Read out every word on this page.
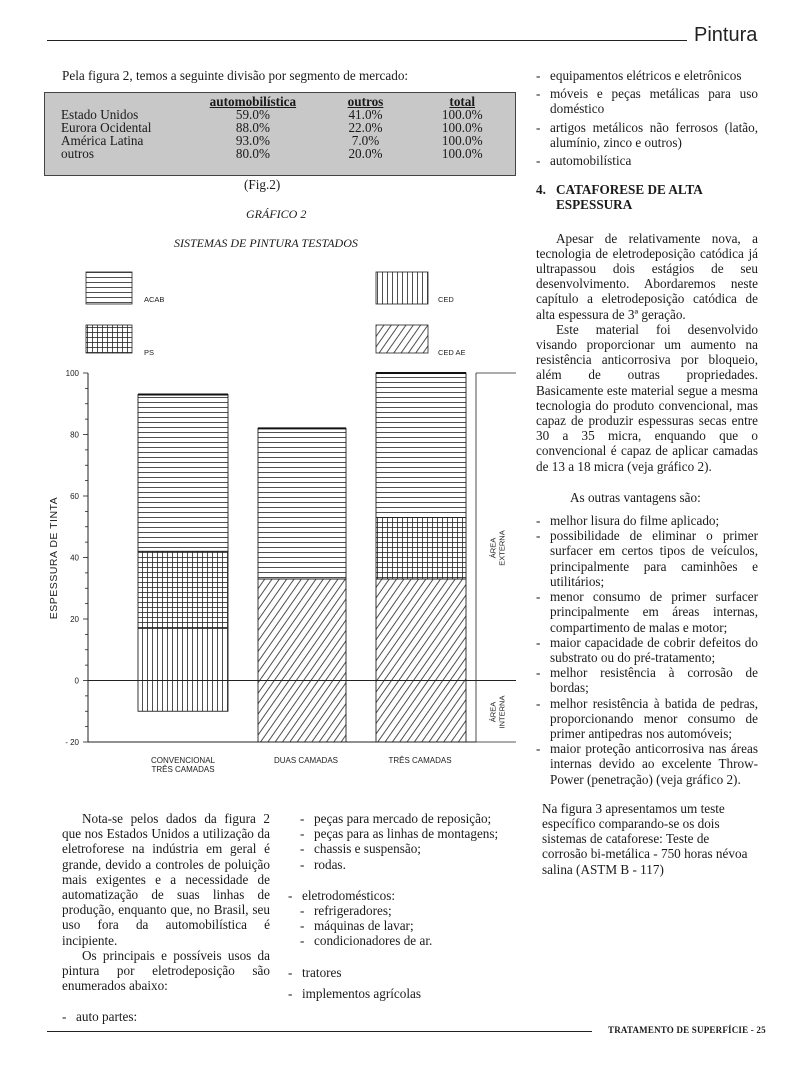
Pintura
Pela figura 2, temos a seguinte divisão por segmento de mercado:
	automobilística	outros	total
Estado Unidos	59.0%	41.0%	100.0%
Eurora Ocidental	88.0%	22.0%	100.0%
América Latina	93.0%	7.0%	100.0%
outros	80.0%	20.0%	100.0%
(Fig.2)
GRÁFICO 2
SISTEMAS DE PINTURA TESTADOS
ACAB
PS
CED
CED AE
- 20
0
20
40
60
80
100
ESPESSURA DE TINTA	ÁREA EXTERNA
ÁREA INTERNA
CONVENCIONAL
TRÊS CAMADAS
DUAS CAMADAS	TRÊS CAMADAS

Nota-se pelos dados da figura 2 que nos Estados Unidos a utilização da eletroforese na indústria em geral é grande, devido a controles de poluição mais exigentes e a necessidade de automatização de suas linhas de produção, enquanto que, no Brasil, seu uso fora da automobilística é incipiente.

Os principais e possíveis usos da pintura por eletrodeposição são enumerados abaixo:

- auto partes:
- peças para mercado de reposição;
- peças para as linhas de montagens;
- chassis e suspensão;
- rodas.
- eletrodomésticos:
- refrigeradores;
- máquinas de lavar;
- condicionadores de ar.
- tratores
- implementos agrícolas
- equipamentos elétricos e eletrônicos
- móveis e peças metálicas para uso doméstico
- artigos metálicos não ferrosos (latão, alumínio, zinco e outros)
- automobilística
4. CATAFORESE DE ALTA ESPESSURA

Apesar de relativamente nova, a tecnologia de eletrodeposição catódica já ultrapassou dois estágios de seu desenvolvimento. Abordaremos neste capítulo a eletrodeposição catódica de alta espessura de 3ª geração.

Este material foi desenvolvido visando proporcionar um aumento na resistência anticorrosiva por bloqueio, além de outras propriedades. Basicamente este material segue a mesma tecnologia do produto convencional, mas capaz de produzir espessuras secas entre 30 a 35 micra, enquando que o convencional é capaz de aplicar camadas de 13 a 18 micra (veja gráfico 2).

As outras vantagens são:

- melhor lisura do filme aplicado;
- possibilidade de eliminar o primer surfacer em certos tipos de veículos, principalmente para caminhões e utilitários;
- menor consumo de primer surfacer principalmente em áreas internas, compartimento de malas e motor;
- maior capacidade de cobrir defeitos do substrato ou do pré-tratamento;
- melhor resistência à corrosão de bordas;
- melhor resistência à batida de pedras, proporcionando menor consumo de primer antipedras nos automóveis;
- maior proteção anticorrosiva nas áreas internas devido ao excelente Throw-Power (penetração) (veja gráfico 2).

Na figura 3 apresentamos um teste específico comparando-se os dois sistemas de cataforese: Teste de corrosão bi-metálica - 750 horas névoa salina (ASTM B - 117)

TRATAMENTO DE SUPERFÍCIE - 25
